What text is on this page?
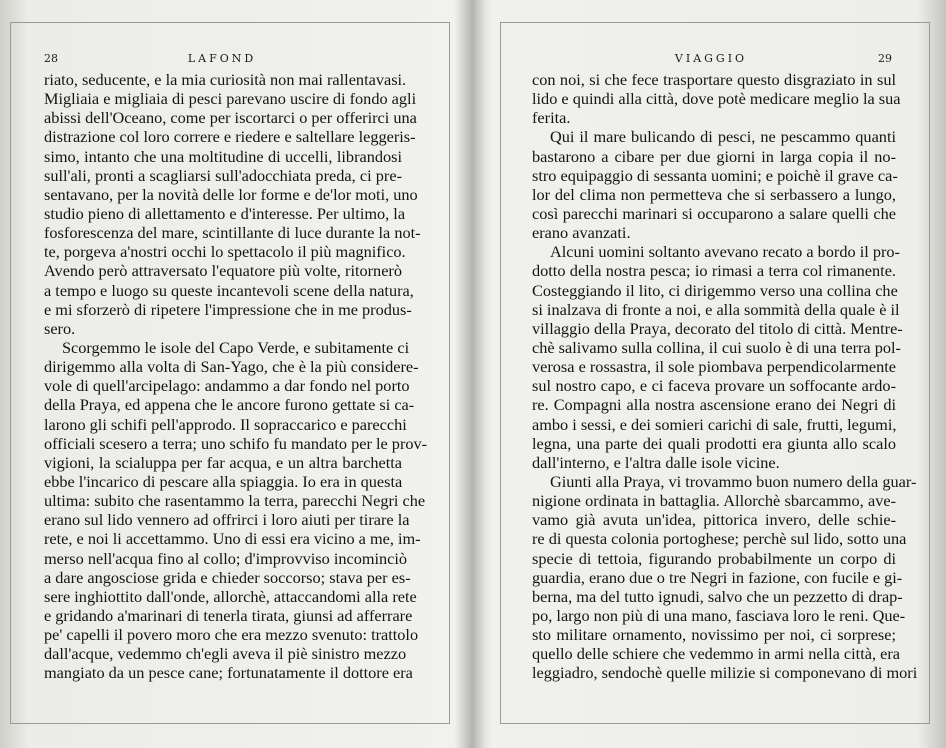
28	LAFOND
riato, seducente, e la mia curiosità non mai rallentavasi.
Migliaia e migliaia di pesci parevano uscire di fondo agli
abissi dell'Oceano, come per iscortarci o per offerirci una
distrazione col loro correre e riedere e saltellare leggeris-
simo, intanto che una moltitudine di uccelli, librandosi
sull'ali, pronti a scagliarsi sull'adocchiata preda, ci pre-
sentavano, per la novità delle lor forme e de'lor moti, uno
studio pieno di allettamento e d'interesse. Per ultimo, la
fosforescenza del mare, scintillante di luce durante la not-
te, porgeva a'nostri occhi lo spettacolo il più magnifico.
Avendo però attraversato l'equatore più volte, ritornerò
a tempo e luogo su queste incantevoli scene della natura,
e mi sforzerò di ripetere l'impressione che in me produs-
sero.
Scorgemmo le isole del Capo Verde, e subitamente ci
dirigemmo alla volta di San-Yago, che è la più considere-
vole di quell'arcipelago: andammo a dar fondo nel porto
della Praya, ed appena che le ancore furono gettate si ca-
larono gli schifi pell'approdo. Il sopraccarico e parecchi
officiali scesero a terra; uno schifo fu mandato per le prov-
vigioni, la scialuppa per far acqua, e un altra barchetta
ebbe l'incarico di pescare alla spiaggia. Io era in questa
ultima: subito che rasentammo la terra, parecchi Negri che
erano sul lido vennero ad offrirci i loro aiuti per tirare la
rete, e noi li accettammo. Uno di essi era vicino a me, im-
merso nell'acqua fino al collo; d'improvviso incominciò
a dare angosciose grida e chieder soccorso; stava per es-
sere inghiottito dall'onde, allorchè, attaccandomi alla rete
e gridando a'marinari di tenerla tirata, giunsi ad afferrare
pe' capelli il povero moro che era mezzo svenuto: trattolo
dall'acque, vedemmo ch'egli aveva il piè sinistro mezzo
mangiato da un pesce cane; fortunatamente il dottore era
VIAGGIO	29
con noi, si che fece trasportare questo disgraziato in sul
lido e quindi alla città, dove potè medicare meglio la sua
ferita.
Qui il mare bulicando di pesci, ne pescammo quanti
bastarono a cibare per due giorni in larga copia il no-
stro equipaggio di sessanta uomini; e poichè il grave ca-
lor del clima non permetteva che si serbassero a lungo,
così parecchi marinari si occuparono a salare quelli che
erano avanzati.
Alcuni uomini soltanto avevano recato a bordo il pro-
dotto della nostra pesca; io rimasi a terra col rimanente.
Costeggiando il lito, ci dirigemmo verso una collina che
si inalzava di fronte a noi, e alla sommità della quale è il
villaggio della Praya, decorato del titolo di città. Mentre-
chè salivamo sulla collina, il cui suolo è di una terra pol-
verosa e rossastra, il sole piombava perpendicolarmente
sul nostro capo, e ci faceva provare un soffocante ardo-
re. Compagni alla nostra ascensione erano dei Negri di
ambo i sessi, e dei somieri carichi di sale, frutti, legumi,
legna, una parte dei quali prodotti era giunta allo scalo
dall'interno, e l'altra dalle isole vicine.
Giunti alla Praya, vi trovammo buon numero della guar-
nigione ordinata in battaglia. Allorchè sbarcammo, ave-
vamo già avuta un'idea, pittorica invero, delle schie-
re di questa colonia portoghese; perchè sul lido, sotto una
specie di tettoia, figurando probabilmente un corpo di
guardia, erano due o tre Negri in fazione, con fucile e gi-
berna, ma del tutto ignudi, salvo che un pezzetto di drap-
po, largo non più di una mano, fasciava loro le reni. Que-
sto militare ornamento, novissimo per noi, ci sorprese;
quello delle schiere che vedemmo in armi nella città, era
leggiadro, sendochè quelle milizie si componevano di mori
